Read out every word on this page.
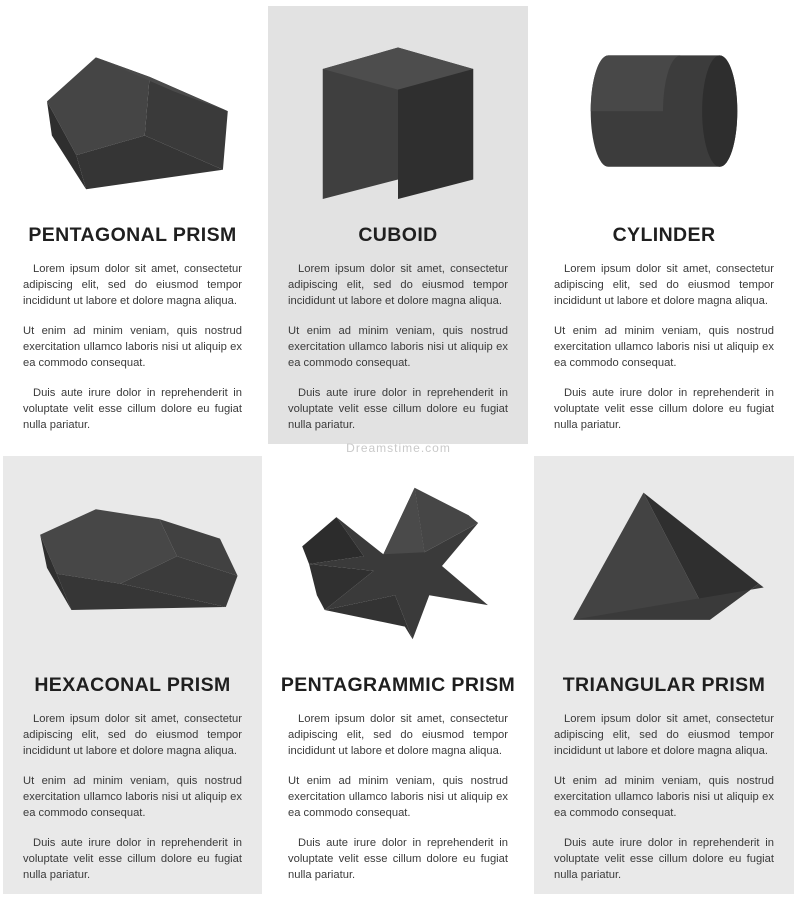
PENTAGONAL PRISM

Lorem ipsum dolor sit amet, consectetur adipiscing elit, sed do eiusmod tempor incididunt ut labore et dolore magna aliqua.

Ut enim ad minim veniam, quis nostrud exercitation ullamco laboris nisi ut aliquip ex ea commodo consequat.

Duis aute irure dolor in reprehenderit in voluptate velit esse cillum dolore eu fugiat nulla pariatur.

CUBOID

Lorem ipsum dolor sit amet, consectetur adipiscing elit, sed do eiusmod tempor incididunt ut labore et dolore magna aliqua.

Ut enim ad minim veniam, quis nostrud exercitation ullamco laboris nisi ut aliquip ex ea commodo consequat.

Duis aute irure dolor in reprehenderit in voluptate velit esse cillum dolore eu fugiat nulla pariatur.

CYLINDER

Lorem ipsum dolor sit amet, consectetur adipiscing elit, sed do eiusmod tempor incididunt ut labore et dolore magna aliqua.

Ut enim ad minim veniam, quis nostrud exercitation ullamco laboris nisi ut aliquip ex ea commodo consequat.

Duis aute irure dolor in reprehenderit in voluptate velit esse cillum dolore eu fugiat nulla pariatur.

HEXACONAL PRISM

Lorem ipsum dolor sit amet, consectetur adipiscing elit, sed do eiusmod tempor incididunt ut labore et dolore magna aliqua.

Ut enim ad minim veniam, quis nostrud exercitation ullamco laboris nisi ut aliquip ex ea commodo consequat.

Duis aute irure dolor in reprehenderit in voluptate velit esse cillum dolore eu fugiat nulla pariatur.

PENTAGRAMMIC PRISM

Lorem ipsum dolor sit amet, consectetur adipiscing elit, sed do eiusmod tempor incididunt ut labore et dolore magna aliqua.

Ut enim ad minim veniam, quis nostrud exercitation ullamco laboris nisi ut aliquip ex ea commodo consequat.

Duis aute irure dolor in reprehenderit in voluptate velit esse cillum dolore eu fugiat nulla pariatur.

TRIANGULAR PRISM

Lorem ipsum dolor sit amet, consectetur adipiscing elit, sed do eiusmod tempor incididunt ut labore et dolore magna aliqua.

Ut enim ad minim veniam, quis nostrud exercitation ullamco laboris nisi ut aliquip ex ea commodo consequat.

Duis aute irure dolor in reprehenderit in voluptate velit esse cillum dolore eu fugiat nulla pariatur.

Dreamstime.com
